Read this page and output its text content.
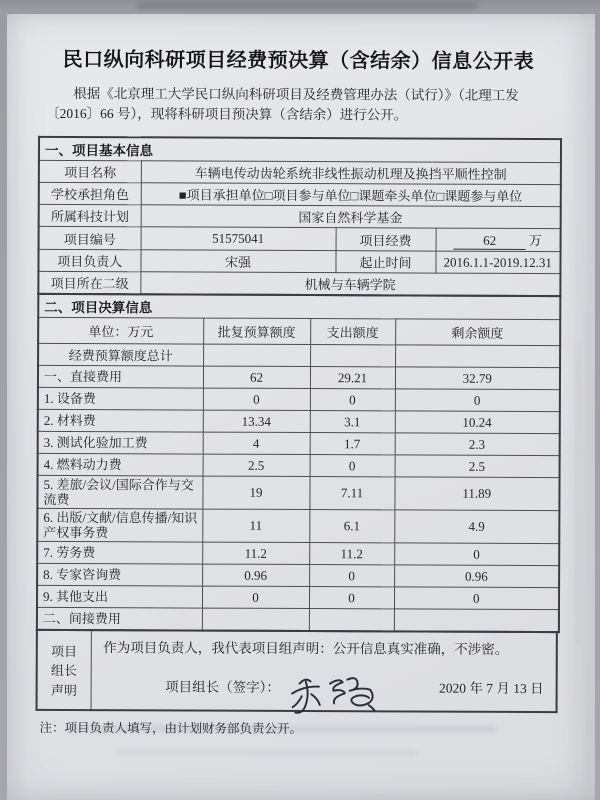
民口纵向科研项目经费预决算（含结余）信息公开表

根据《北京理工大学民口纵向科研项目及经费管理办法（试行）》（北理工发〔2016〕66 号），现将科研项目预决算（含结余）进行公开。

一、项目基本信息			
项目名称	车辆电传动齿轮系统非线性振动机理及换挡平顺性控制		
学校承担角色	■项目承担单位□项目参与单位□课题牵头单位□课题参与单位		
所属科技计划	国家自然科学基金		
项目编号	51575041	项目经费	62 万
项目负责人	宋强	起止时间	2016.1.1-2019.12.31
项目所在二级	机械与车辆学院		
二、项目决算信息			
单位：万元	批复预算额度	支出额度	剩余额度
经费预算额度总计			
一、直接费用	62	29.21	32.79
1. 设备费	0	0	0
2. 材料费	13.34	3.1	10.24
3. 测试化验加工费	4	1.7	2.3
4. 燃料动力费	2.5	0	2.5
5. 差旅/会议/国际合作与交流费	19	7.11	11.89
6. 出版/文献/信息传播/知识产权事务费	11	6.1	4.9
7. 劳务费	11.2	11.2	0
8. 专家咨询费	0.96	0	0.96
9. 其他支出	0	0	0
二、间接费用			
项目
组长
声明

作为项目负责人，我代表项目组声明：公开信息真实准确，不涉密。

项目组长（签字）：	2020 年 7 月 13 日

注：项目负责人填写，由计划财务部负责公开。
